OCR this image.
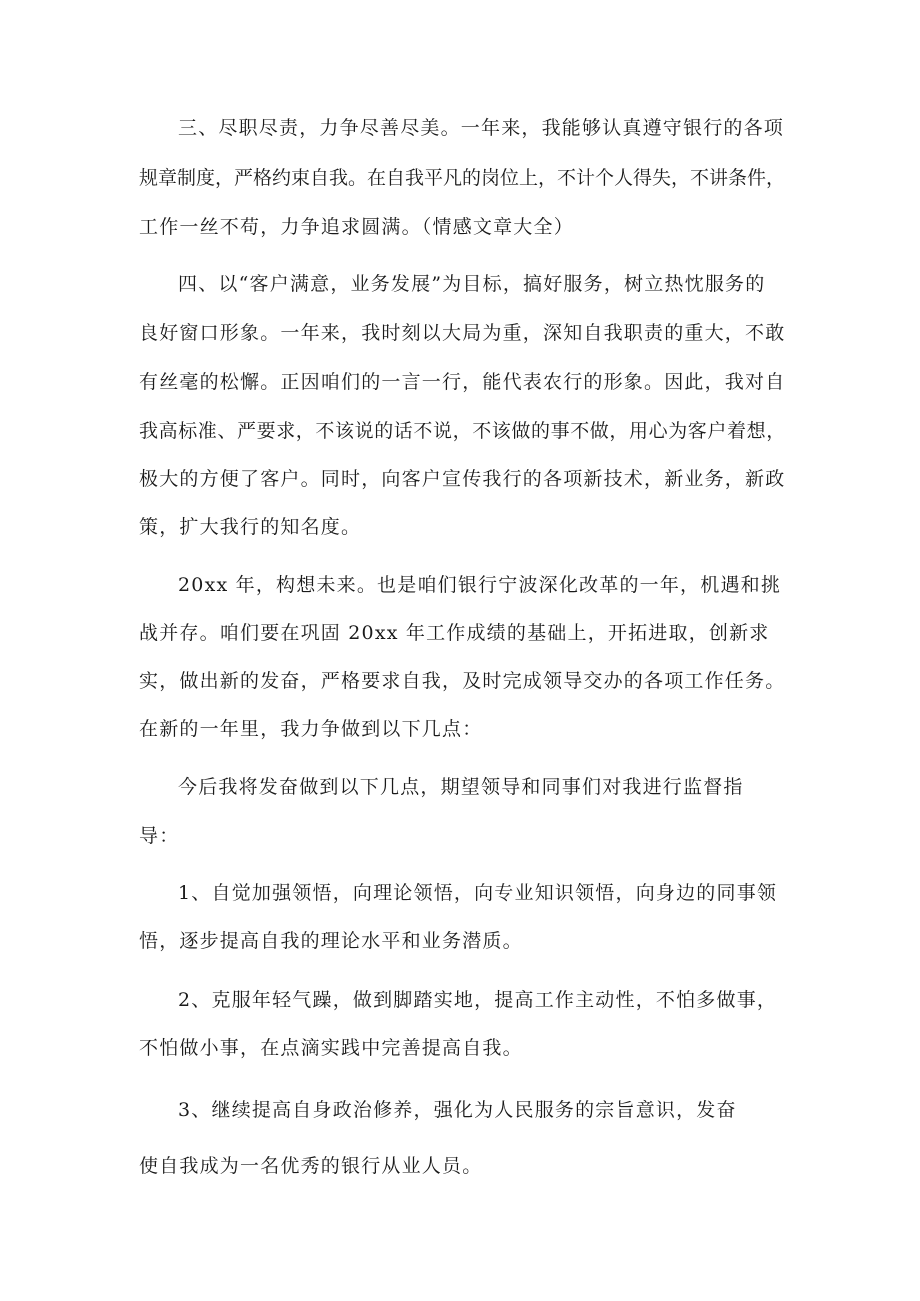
三、尽职尽责，力争尽善尽美。一年来，我能够认真遵守银行的各项
规章制度，严格约束自我。在自我平凡的岗位上，不计个人得失，不讲条件，
工作一丝不苟，力争追求圆满。（情感文章大全）
四、以“客户满意，业务发展”为目标，搞好服务，树立热忱服务的
良好窗口形象。一年来，我时刻以大局为重，深知自我职责的重大，不敢
有丝毫的松懈。正因咱们的一言一行，能代表农行的形象。因此，我对自
我高标准、严要求，不该说的话不说，不该做的事不做，用心为客户着想，
极大的方便了客户。同时，向客户宣传我行的各项新技术，新业务，新政
策，扩大我行的知名度。
20xx 年，构想未来。也是咱们银行宁波深化改革的一年，机遇和挑
战并存。咱们要在巩固 20xx 年工作成绩的基础上，开拓进取，创新求
实，做出新的发奋，严格要求自我，及时完成领导交办的各项工作任务。
在新的一年里，我力争做到以下几点：
今后我将发奋做到以下几点，期望领导和同事们对我进行监督指
导：
1、自觉加强领悟，向理论领悟，向专业知识领悟，向身边的同事领
悟，逐步提高自我的理论水平和业务潜质。
2、克服年轻气躁，做到脚踏实地，提高工作主动性，不怕多做事，
不怕做小事，在点滴实践中完善提高自我。
3、继续提高自身政治修养，强化为人民服务的宗旨意识，发奋
使自我成为一名优秀的银行从业人员。
